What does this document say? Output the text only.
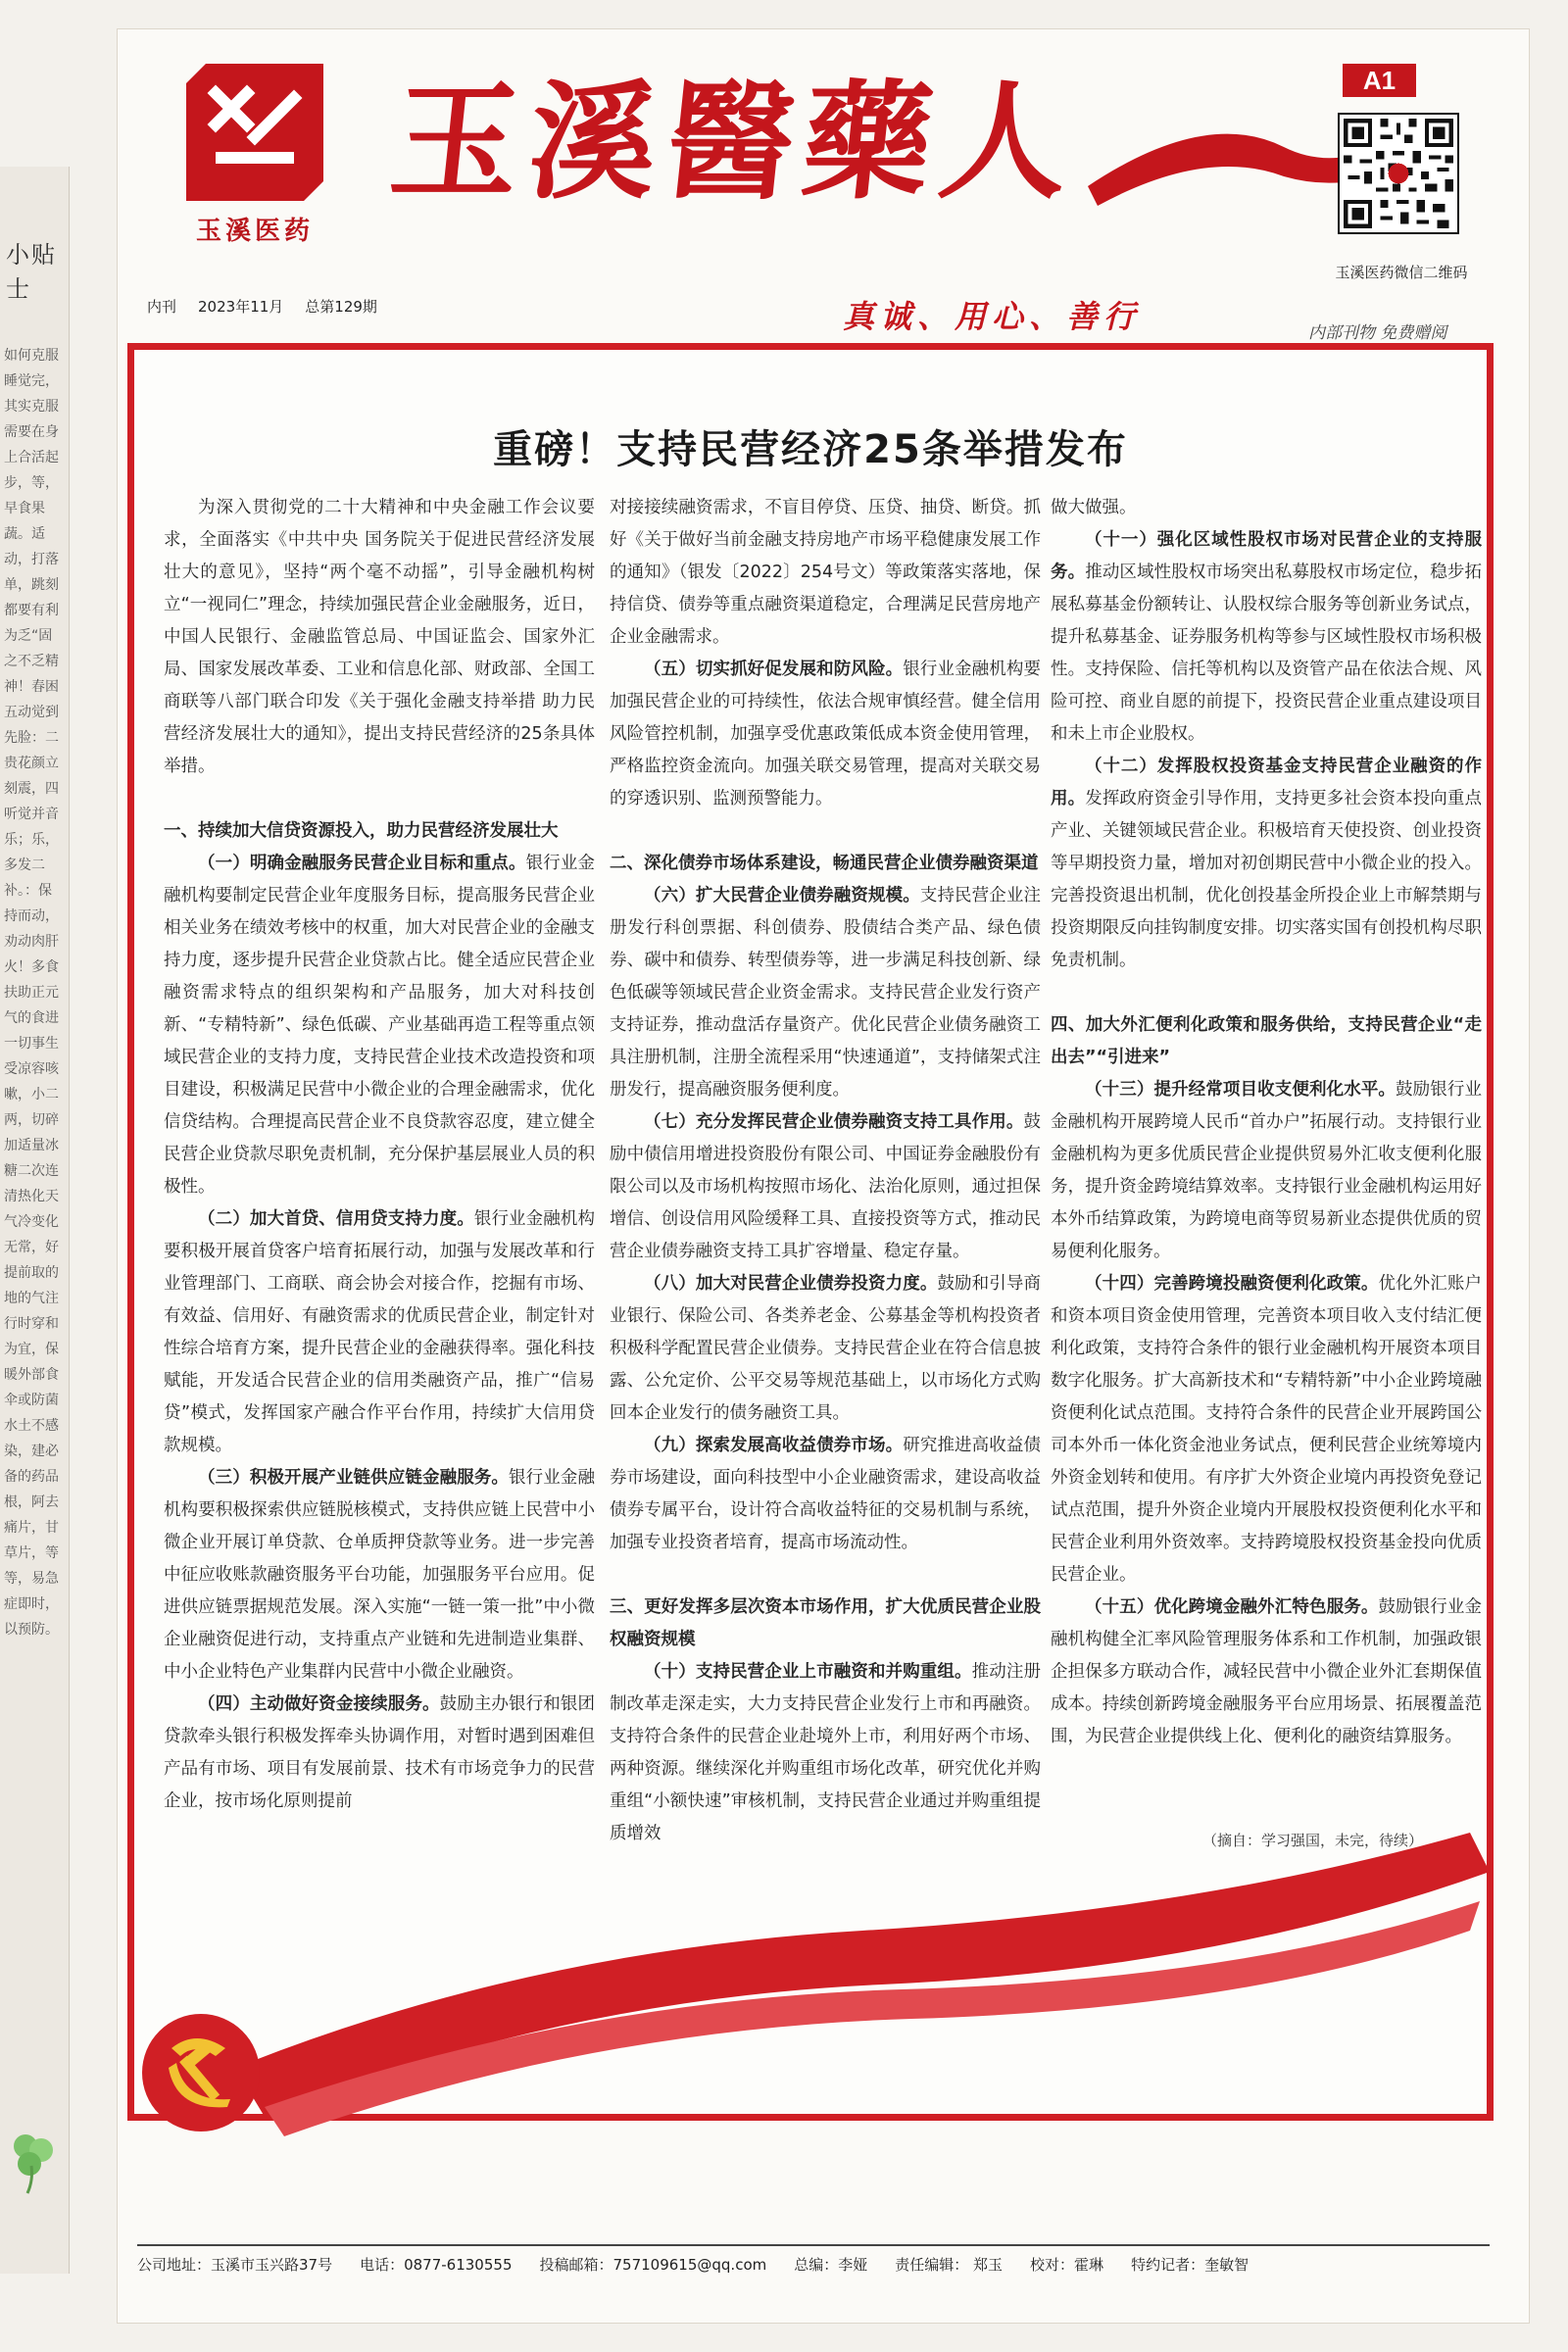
小贴士
如何克服睡觉完，其实克服需要在身上合活起步，等，早食果蔬。适动，打落单，跳刻都要有利为乏“固之不乏精神！春困五动觉到先脸：二贵花颜立刻震，四听觉并音乐；乐，多发二补。：保持而动，劝动肉肝火！多食扶助正元气的食进一切事生受凉容咳嗽，小二两，切碎加适量冰糖二次连清热化天气冷变化无常，好提前取的地的气注行时穿和为宜，保暖外部食伞或防菌水土不感染，建必备的药品根，阿去痛片，甘草片，等等，易急症即时，以预防。
玉溪医药
玉溪醫藥人	A1
玉溪医药微信二维码
内刊 2023年11月 总第129期	真诚、用心、善行	内部刊物 免费赠阅
重磅！支持民营经济25条举措发布

为深入贯彻党的二十大精神和中央金融工作会议要求，全面落实《中共中央 国务院关于促进民营经济发展壮大的意见》，坚持“两个毫不动摇”，引导金融机构树立“一视同仁”理念，持续加强民营企业金融服务，近日，中国人民银行、金融监管总局、中国证监会、国家外汇局、国家发展改革委、工业和信息化部、财政部、全国工商联等八部门联合印发《关于强化金融支持举措 助力民营经济发展壮大的通知》，提出支持民营经济的25条具体举措。

一、持续加大信贷资源投入，助力民营经济发展壮大

（一）明确金融服务民营企业目标和重点。银行业金融机构要制定民营企业年度服务目标，提高服务民营企业相关业务在绩效考核中的权重，加大对民营企业的金融支持力度，逐步提升民营企业贷款占比。健全适应民营企业融资需求特点的组织架构和产品服务，加大对科技创新、“专精特新”、绿色低碳、产业基础再造工程等重点领域民营企业的支持力度，支持民营企业技术改造投资和项目建设，积极满足民营中小微企业的合理金融需求，优化信贷结构。合理提高民营企业不良贷款容忍度，建立健全民营企业贷款尽职免责机制，充分保护基层展业人员的积极性。

（二）加大首贷、信用贷支持力度。银行业金融机构要积极开展首贷客户培育拓展行动，加强与发展改革和行业管理部门、工商联、商会协会对接合作，挖掘有市场、有效益、信用好、有融资需求的优质民营企业，制定针对性综合培育方案，提升民营企业的金融获得率。强化科技赋能，开发适合民营企业的信用类融资产品，推广“信易贷”模式，发挥国家产融合作平台作用，持续扩大信用贷款规模。

（三）积极开展产业链供应链金融服务。银行业金融机构要积极探索供应链脱核模式，支持供应链上民营中小微企业开展订单贷款、仓单质押贷款等业务。进一步完善中征应收账款融资服务平台功能，加强服务平台应用。促进供应链票据规范发展。深入实施“一链一策一批”中小微企业融资促进行动，支持重点产业链和先进制造业集群、中小企业特色产业集群内民营中小微企业融资。

（四）主动做好资金接续服务。鼓励主办银行和银团贷款牵头银行积极发挥牵头协调作用，对暂时遇到困难但产品有市场、项目有发展前景、技术有市场竞争力的民营企业，按市场化原则提前

对接接续融资需求，不盲目停贷、压贷、抽贷、断贷。抓好《关于做好当前金融支持房地产市场平稳健康发展工作的通知》（银发〔2022〕254号文）等政策落实落地，保持信贷、债券等重点融资渠道稳定，合理满足民营房地产企业金融需求。

（五）切实抓好促发展和防风险。银行业金融机构要加强民营企业的可持续性，依法合规审慎经营。健全信用风险管控机制，加强享受优惠政策低成本资金使用管理，严格监控资金流向。加强关联交易管理，提高对关联交易的穿透识别、监测预警能力。

二、深化债券市场体系建设，畅通民营企业债券融资渠道

（六）扩大民营企业债券融资规模。支持民营企业注册发行科创票据、科创债券、股债结合类产品、绿色债券、碳中和债券、转型债券等，进一步满足科技创新、绿色低碳等领域民营企业资金需求。支持民营企业发行资产支持证券，推动盘活存量资产。优化民营企业债务融资工具注册机制，注册全流程采用“快速通道”，支持储架式注册发行，提高融资服务便利度。

（七）充分发挥民营企业债券融资支持工具作用。鼓励中债信用增进投资股份有限公司、中国证券金融股份有限公司以及市场机构按照市场化、法治化原则，通过担保增信、创设信用风险缓释工具、直接投资等方式，推动民营企业债券融资支持工具扩容增量、稳定存量。

（八）加大对民营企业债券投资力度。鼓励和引导商业银行、保险公司、各类养老金、公募基金等机构投资者积极科学配置民营企业债券。支持民营企业在符合信息披露、公允定价、公平交易等规范基础上，以市场化方式购回本企业发行的债务融资工具。

（九）探索发展高收益债券市场。研究推进高收益债券市场建设，面向科技型中小企业融资需求，建设高收益债券专属平台，设计符合高收益特征的交易机制与系统，加强专业投资者培育，提高市场流动性。

三、更好发挥多层次资本市场作用，扩大优质民营企业股权融资规模

（十）支持民营企业上市融资和并购重组。推动注册制改革走深走实，大力支持民营企业发行上市和再融资。支持符合条件的民营企业赴境外上市，利用好两个市场、两种资源。继续深化并购重组市场化改革，研究优化并购重组“小额快速”审核机制，支持民营企业通过并购重组提质增效

做大做强。

（十一）强化区域性股权市场对民营企业的支持服务。推动区域性股权市场突出私募股权市场定位，稳步拓展私募基金份额转让、认股权综合服务等创新业务试点，提升私募基金、证券服务机构等参与区域性股权市场积极性。支持保险、信托等机构以及资管产品在依法合规、风险可控、商业自愿的前提下，投资民营企业重点建设项目和未上市企业股权。

（十二）发挥股权投资基金支持民营企业融资的作用。发挥政府资金引导作用，支持更多社会资本投向重点产业、关键领域民营企业。积极培育天使投资、创业投资等早期投资力量，增加对初创期民营中小微企业的投入。完善投资退出机制，优化创投基金所投企业上市解禁期与投资期限反向挂钩制度安排。切实落实国有创投机构尽职免责机制。

四、加大外汇便利化政策和服务供给，支持民营企业“走出去”“引进来”

（十三）提升经常项目收支便利化水平。鼓励银行业金融机构开展跨境人民币“首办户”拓展行动。支持银行业金融机构为更多优质民营企业提供贸易外汇收支便利化服务，提升资金跨境结算效率。支持银行业金融机构运用好本外币结算政策，为跨境电商等贸易新业态提供优质的贸易便利化服务。

（十四）完善跨境投融资便利化政策。优化外汇账户和资本项目资金使用管理，完善资本项目收入支付结汇便利化政策，支持符合条件的银行业金融机构开展资本项目数字化服务。扩大高新技术和“专精特新”中小企业跨境融资便利化试点范围。支持符合条件的民营企业开展跨国公司本外币一体化资金池业务试点，便利民营企业统筹境内外资金划转和使用。有序扩大外资企业境内再投资免登记试点范围，提升外资企业境内开展股权投资便利化水平和民营企业利用外资效率。支持跨境股权投资基金投向优质民营企业。

（十五）优化跨境金融外汇特色服务。鼓励银行业金融机构健全汇率风险管理服务体系和工作机制，加强政银企担保多方联动合作，减轻民营中小微企业外汇套期保值成本。持续创新跨境金融服务平台应用场景、拓展覆盖范围，为民营企业提供线上化、便利化的融资结算服务。

（摘自：学习强国，未完，待续）
公司地址：玉溪市玉兴路37号 电话：0877-6130555 投稿邮箱：757109615@qq.com 总编：李娅 责任编辑： 郑玉 校对：霍琳 特约记者：奎敏智
